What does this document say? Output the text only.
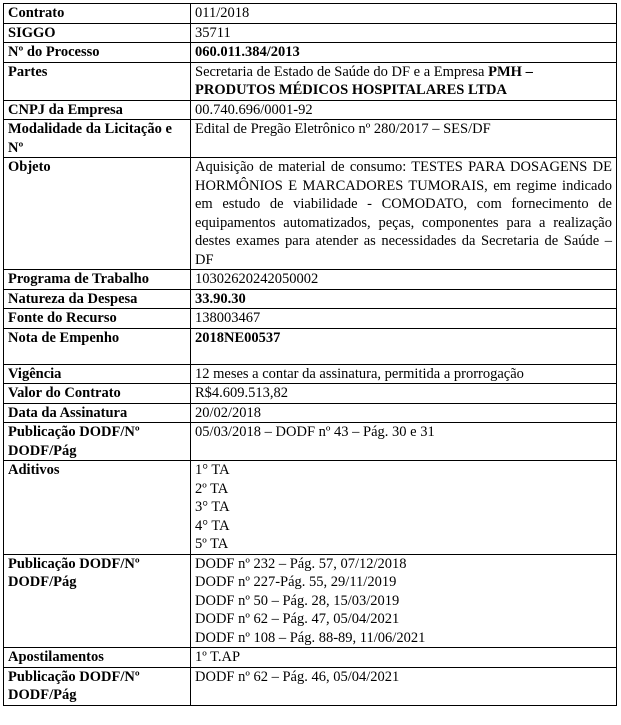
Contrato	011/2018
SIGGO	35711
Nº do Processo	060.011.384/2013
Partes	Secretaria de Estado de Saúde do DF e a Empresa PMH – PRODUTOS MÉDICOS HOSPITALARES LTDA
CNPJ da Empresa	00.740.696/0001-92
Modalidade da Licitação e Nº	Edital de Pregão Eletrônico nº 280/2017 – SES/DF
Objeto	Aquisição de material de consumo: TESTES PARA DOSAGENS DE HORMÔNIOS E MARCADORES TUMORAIS, em regime indicado em estudo de viabilidade - COMODATO, com fornecimento de equipamentos automatizados, peças, componentes para a realização destes exames para atender as necessidades da Secretaria de Saúde – DF
Programa de Trabalho	10302620242050002
Natureza da Despesa	33.90.30
Fonte do Recurso	138003467
Nota de Empenho	2018NE00537
Vigência	12 meses a contar da assinatura, permitida a prorrogação
Valor do Contrato	R$4.609.513,82
Data da Assinatura	20/02/2018
Publicação DODF/Nº DODF/Pág	05/03/2018 – DODF nº 43 – Pág. 30 e 31
Aditivos	1° TA
2º TA
3° TA
4° TA
5º TA

Publicação DODF/Nº DODF/Pág	DODF nº 232 – Pág. 57, 07/12/2018
DODF nº 227-Pág. 55, 29/11/2019
DODF nº 50 – Pág. 28, 15/03/2019
DODF nº 62 – Pág. 47, 05/04/2021
DODF nº 108 – Pág. 88-89, 11/06/2021

Apostilamentos	1º T.AP
Publicação DODF/Nº DODF/Pág	DODF nº 62 – Pág. 46, 05/04/2021
